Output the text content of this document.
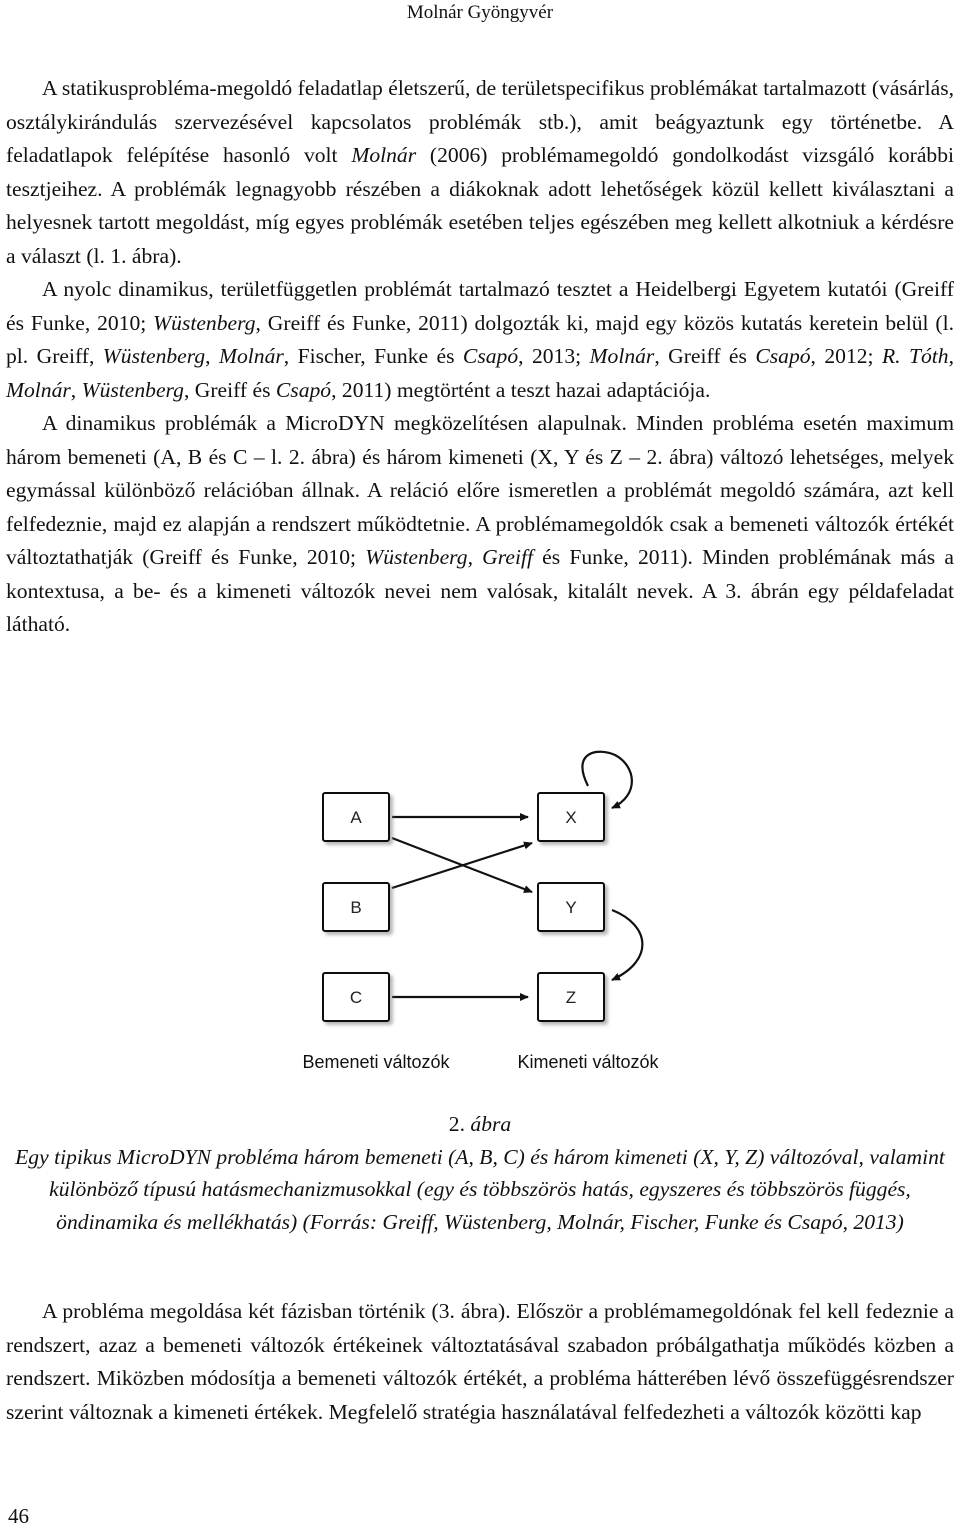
Molnár Gyöngyvér

A statikusprobléma-megoldó feladatlap életszerű, de területspecifikus problémákat tartalmazott (vásárlás, osztálykirándulás szervezésével kapcsolatos problémák stb.), amit beágyaztunk egy történetbe. A feladatlapok felépítése hasonló volt Molnár (2006) problémamegoldó gondolkodást vizsgáló korábbi tesztjeihez. A problémák legnagyobb részében a diákoknak adott lehetőségek közül kellett kiválasztani a helyesnek tartott megoldást, míg egyes problémák esetében teljes egészében meg kellett alkotniuk a kérdésre a választ (l. 1. ábra).

A nyolc dinamikus, területfüggetlen problémát tartalmazó tesztet a Heidelbergi Egyetem kutatói (Greiff és Funke, 2010; Wüstenberg, Greiff és Funke, 2011) dolgozták ki, majd egy közös kutatás keretein belül (l. pl. Greiff, Wüstenberg, Molnár, Fischer, Funke és Csapó, 2013; Molnár, Greiff és Csapó, 2012; R. Tóth, Molnár, Wüstenberg, Greiff és Csapó, 2011) megtörtént a teszt hazai adaptációja.

A dinamikus problémák a MicroDYN megközelítésen alapulnak. Minden probléma esetén maximum három bemeneti (A, B és C – l. 2. ábra) és három kimeneti (X, Y és Z – 2. ábra) változó lehetséges, melyek egymással különböző relációban állnak. A reláció előre ismeretlen a problémát megoldó számára, azt kell felfedeznie, majd ez alapján a rendszert működtetnie. A problémamegoldók csak a bemeneti változók értékét változtathatják (Greiff és Funke, 2010; Wüstenberg, Greiff és Funke, 2011). Minden problémának más a kontextusa, a be- és a kimeneti változók nevei nem valósak, kitalált nevek. A 3. ábrán egy példafeladat látható.

A
B
C
X
Y
Z
Bemeneti változók	Kimeneti változók
2. ábra
Egy tipikus MicroDYN probléma három bemeneti (A, B, C) és három kimeneti (X, Y, Z) változóval, valamint különböző típusú hatásmechanizmusokkal (egy és többszörös hatás, egyszeres és többszörös függés, öndinamika és mellékhatás) (Forrás: Greiff, Wüstenberg, Molnár, Fischer, Funke és Csapó, 2013)

A probléma megoldása két fázisban történik (3. ábra). Először a problémamegoldónak fel kell fedeznie a rendszert, azaz a bemeneti változók értékeinek változtatásával szabadon próbálgathatja működés közben a rendszert. Miközben módosítja a bemeneti változók értékét, a probléma hátterében lévő összefüggésrendszer szerint változnak a kimeneti értékek. Megfelelő stratégia használatával felfedezheti a változók közötti kap

46
